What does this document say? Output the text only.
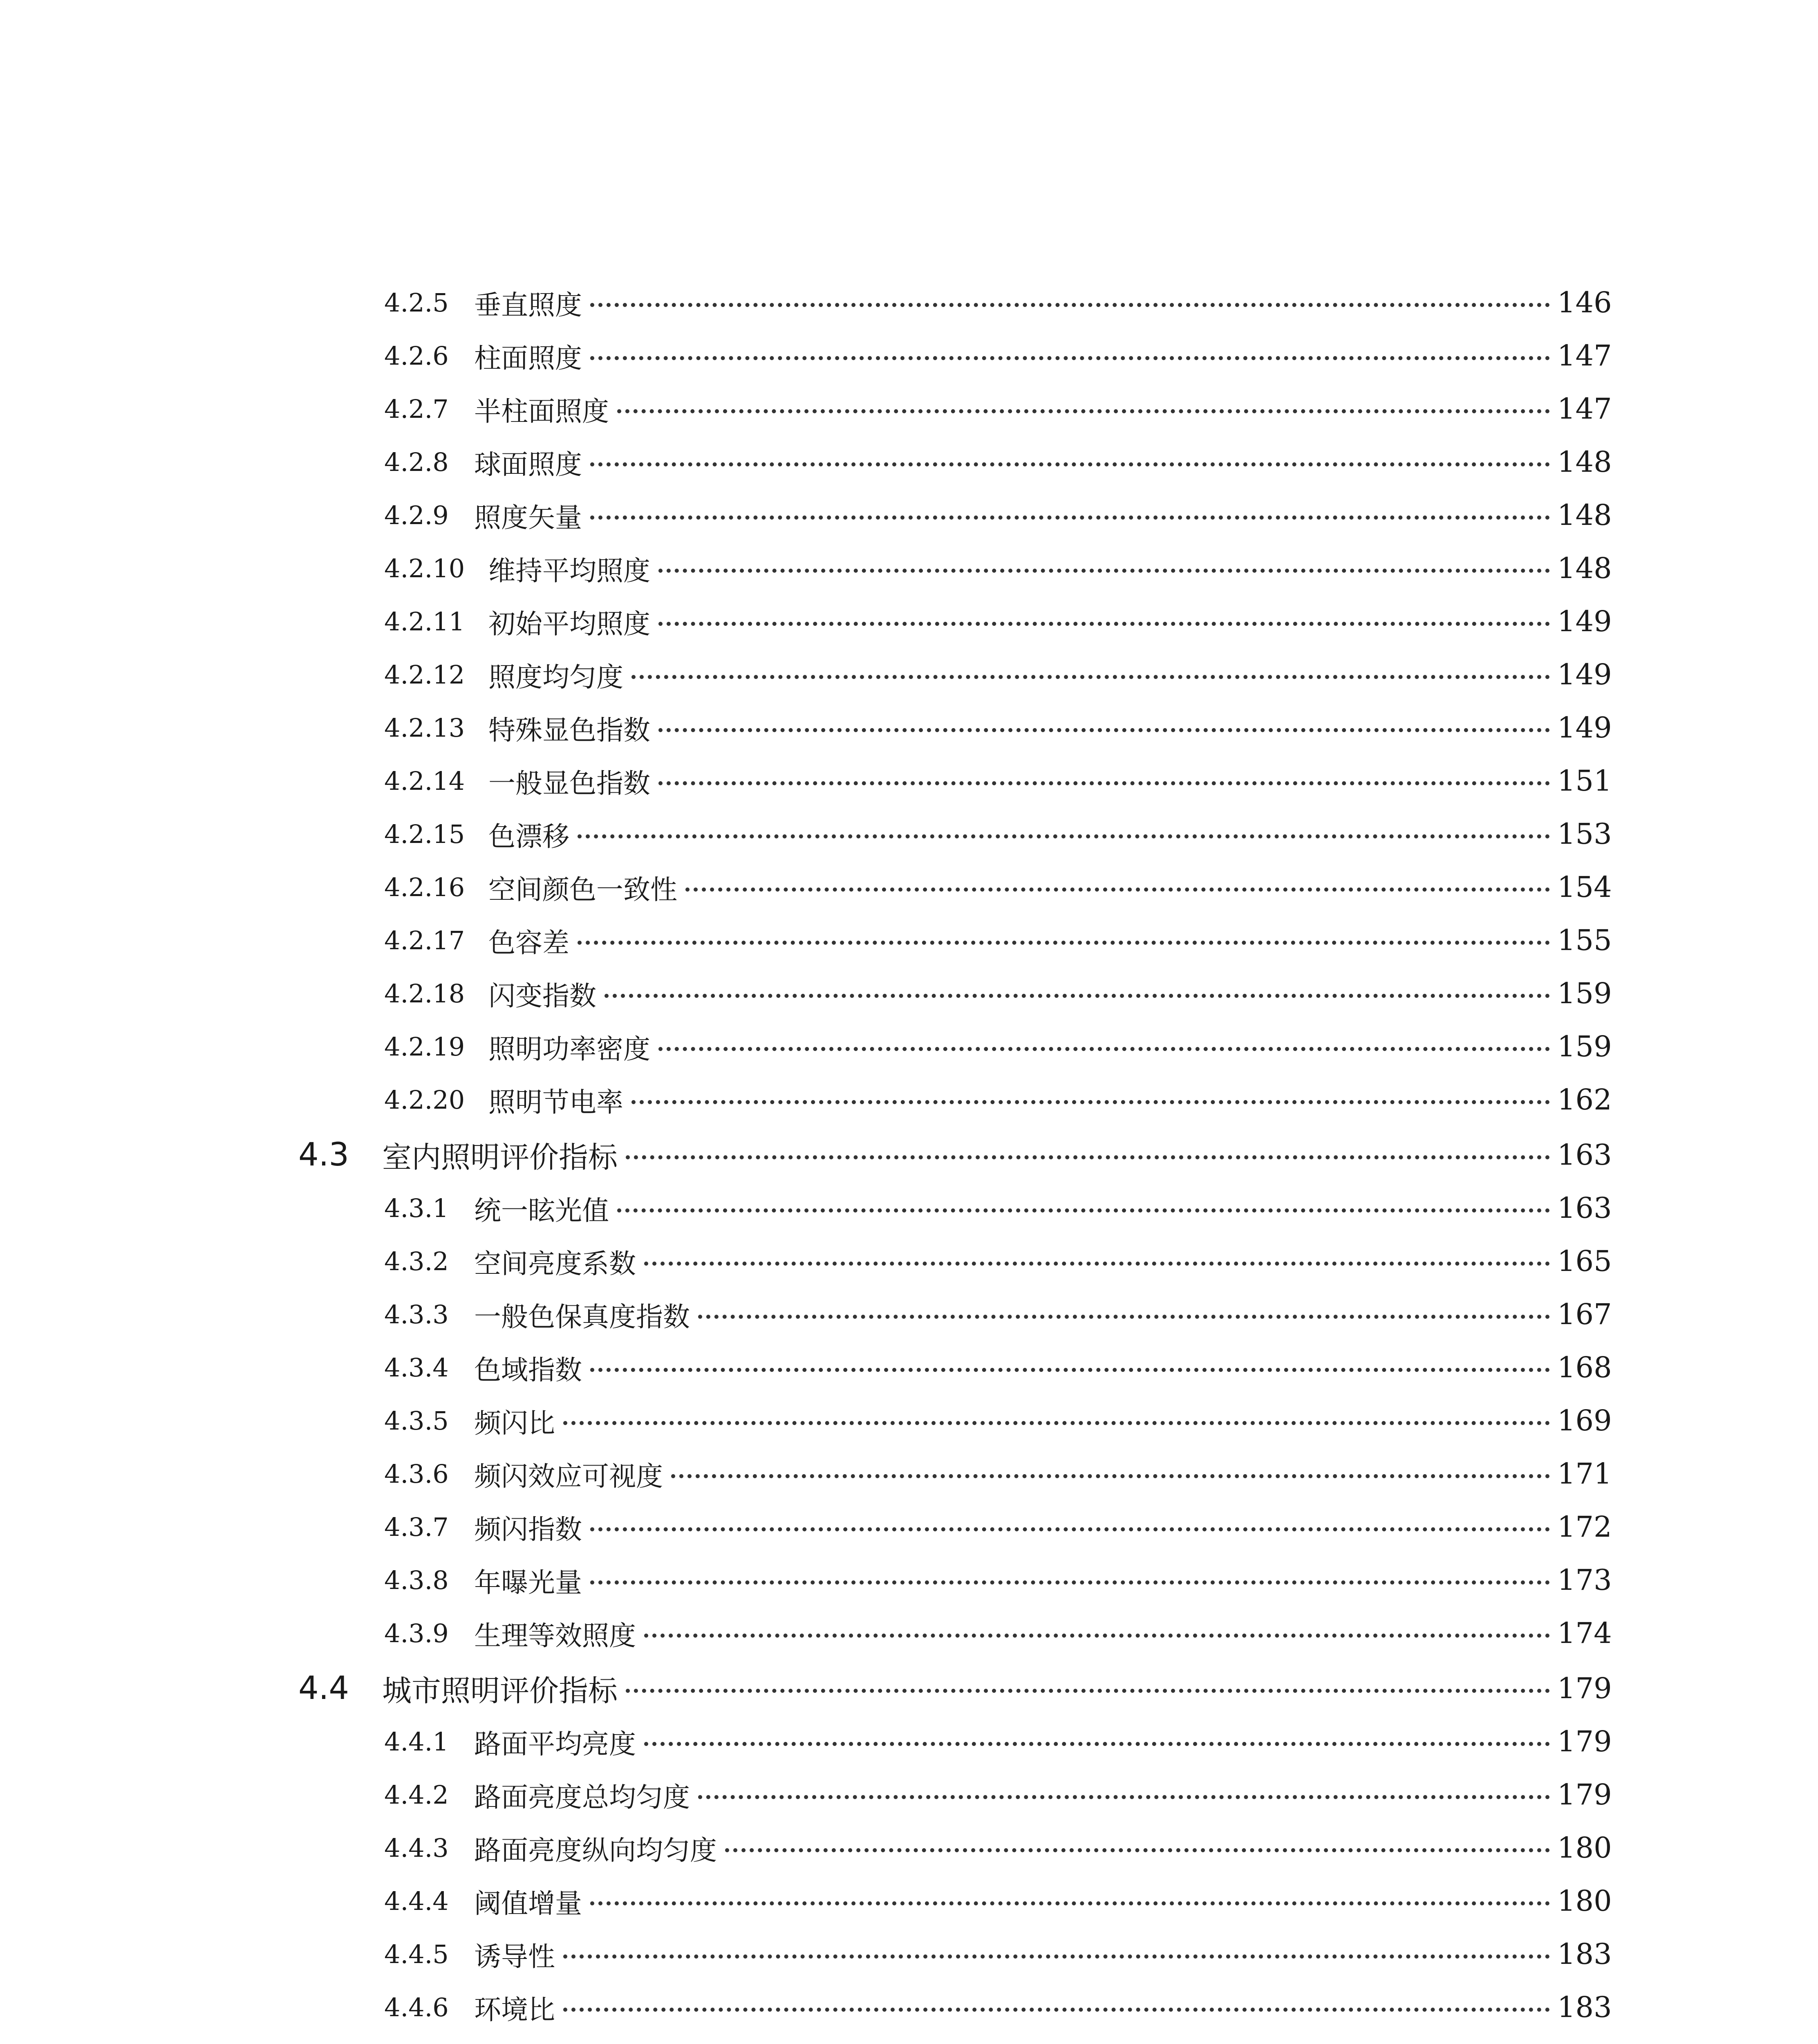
4.2.5 垂直照度	146
4.2.6 柱面照度	147
4.2.7 半柱面照度	147
4.2.8 球面照度	148
4.2.9 照度矢量	148
4.2.10 维持平均照度	148
4.2.11 初始平均照度	149
4.2.12 照度均匀度	149
4.2.13 特殊显色指数	149
4.2.14 一般显色指数	151
4.2.15 色漂移	153
4.2.16 空间颜色一致性	154
4.2.17 色容差	155
4.2.18 闪变指数	159
4.2.19 照明功率密度	159
4.2.20 照明节电率	162
4.3	室内照明评价指标	163
4.3.1 统一眩光值	163
4.3.2 空间亮度系数	165
4.3.3 一般色保真度指数	167
4.3.4 色域指数	168
4.3.5 频闪比	169
4.3.6 频闪效应可视度	171
4.3.7 频闪指数	172
4.3.8 年曝光量	173
4.3.9 生理等效照度	174
4.4	城市照明评价指标	179
4.4.1 路面平均亮度	179
4.4.2 路面亮度总均匀度	179
4.4.3 路面亮度纵向均匀度	180
4.4.4 阈值增量	180
4.4.5 诱导性	183
4.4.6 环境比	183
